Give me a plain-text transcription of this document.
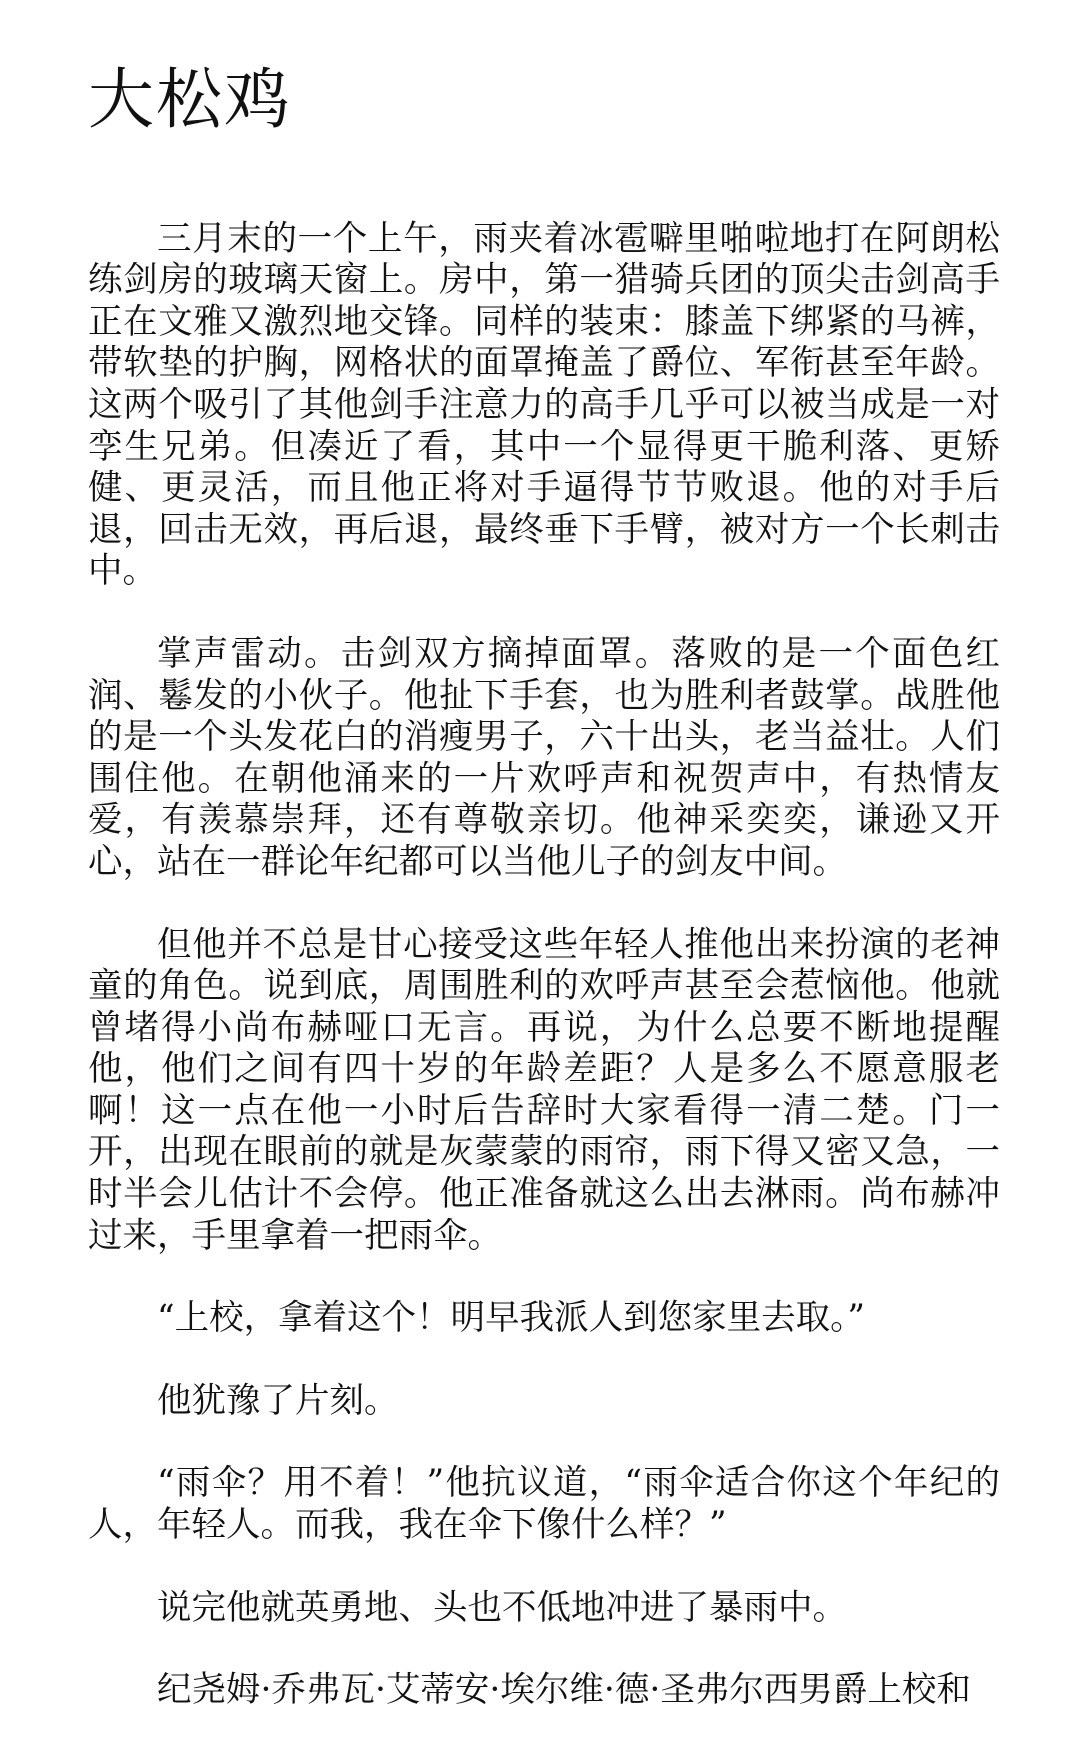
大松鸡

三月末的一个上午，雨夹着冰雹噼里啪啦地打在阿朗松练剑房的玻璃天窗上。房中，第一猎骑兵团的顶尖击剑高手正在文雅又激烈地交锋。同样的装束：膝盖下绑紧的马裤，带软垫的护胸，网格状的面罩掩盖了爵位、军衔甚至年龄。这两个吸引了其他剑手注意力的高手几乎可以被当成是一对孪生兄弟。但凑近了看，其中一个显得更干脆利落、更矫健、更灵活，而且他正将对手逼得节节败退。他的对手后退，回击无效，再后退，最终垂下手臂，被对方一个长刺击中。

掌声雷动。击剑双方摘掉面罩。落败的是一个面色红润、鬈发的小伙子。他扯下手套，也为胜利者鼓掌。战胜他的是一个头发花白的消瘦男子，六十出头，老当益壮。人们围住他。在朝他涌来的一片欢呼声和祝贺声中，有热情友爱，有羡慕崇拜，还有尊敬亲切。他神采奕奕，谦逊又开心，站在一群论年纪都可以当他儿子的剑友中间。

但他并不总是甘心接受这些年轻人推他出来扮演的老神童的角色。说到底，周围胜利的欢呼声甚至会惹恼他。他就曾堵得小尚布赫哑口无言。再说，为什么总要不断地提醒他，他们之间有四十岁的年龄差距？人是多么不愿意服老啊！这一点在他一小时后告辞时大家看得一清二楚。门一开，出现在眼前的就是灰蒙蒙的雨帘，雨下得又密又急，一时半会儿估计不会停。他正准备就这么出去淋雨。尚布赫冲过来，手里拿着一把雨伞。

“上校，拿着这个！明早我派人到您家里去取。”

他犹豫了片刻。

“雨伞？用不着！”他抗议道，“雨伞适合你这个年纪的人，年轻人。而我，我在伞下像什么样？”

说完他就英勇地、头也不低地冲进了暴雨中。

纪尧姆·乔弗瓦·艾蒂安·埃尔维·德·圣弗尔西男爵上校和
